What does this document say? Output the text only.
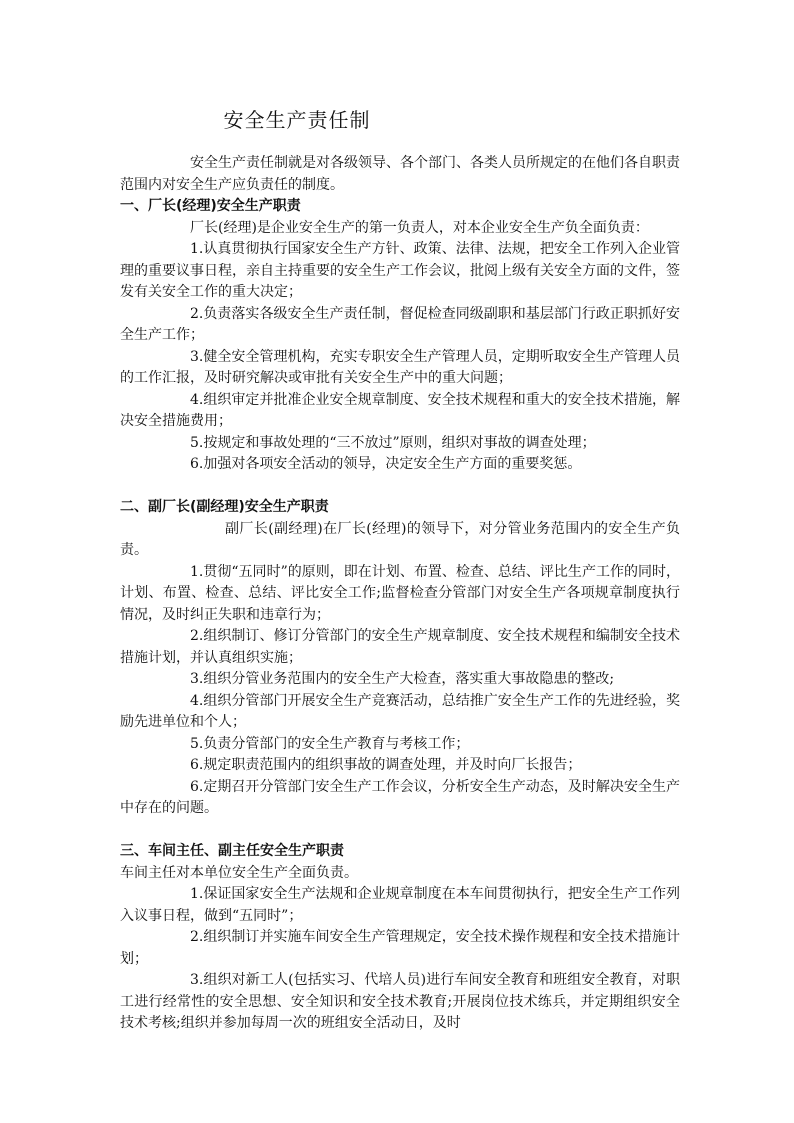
安全生产责任制

安全生产责任制就是对各级领导、各个部门、各类人员所规定的在他们各自职责范围内对安全生产应负责任的制度。

一、厂长(经理)安全生产职责

厂长(经理)是企业安全生产的第一负责人，对本企业安全生产负全面负责：

1.认真贯彻执行国家安全生产方针、政策、法律、法规，把安全工作列入企业管理的重要议事日程，亲自主持重要的安全生产工作会议，批阅上级有关安全方面的文件，签发有关安全工作的重大决定；

2.负责落实各级安全生产责任制，督促检查同级副职和基层部门行政正职抓好安全生产工作；

3.健全安全管理机构，充实专职安全生产管理人员，定期听取安全生产管理人员的工作汇报，及时研究解决或审批有关安全生产中的重大问题；

4.组织审定并批准企业安全规章制度、安全技术规程和重大的安全技术措施，解决安全措施费用；

5.按规定和事故处理的“三不放过”原则，组织对事故的调查处理；

6.加强对各项安全活动的领导，决定安全生产方面的重要奖惩。

二、副厂长(副经理)安全生产职责

副厂长(副经理)在厂长(经理)的领导下，对分管业务范围内的安全生产负责。

1.贯彻“五同时”的原则，即在计划、布置、检查、总结、评比生产工作的同时，计划、布置、检查、总结、评比安全工作;监督检查分管部门对安全生产各项规章制度执行情况，及时纠正失职和违章行为；

2.组织制订、修订分管部门的安全生产规章制度、安全技术规程和编制安全技术措施计划，并认真组织实施；

3.组织分管业务范围内的安全生产大检查，落实重大事故隐患的整改;

4.组织分管部门开展安全生产竞赛活动，总结推广安全生产工作的先进经验，奖励先进单位和个人；

5.负责分管部门的安全生产教育与考核工作；

6.规定职责范围内的组织事故的调查处理，并及时向厂长报告；

6.定期召开分管部门安全生产工作会议，分析安全生产动态，及时解决安全生产中存在的问题。

三、车间主任、副主任安全生产职责

车间主任对本单位安全生产全面负责。

1.保证国家安全生产法规和企业规章制度在本车间贯彻执行，把安全生产工作列入议事日程，做到“五同时”；

2.组织制订并实施车间安全生产管理规定，安全技术操作规程和安全技术措施计划；

3.组织对新工人(包括实习、代培人员)进行车间安全教育和班组安全教育，对职工进行经常性的安全思想、安全知识和安全技术教育;开展岗位技术练兵，并定期组织安全技术考核;组织并参加每周一次的班组安全活动日，及时
